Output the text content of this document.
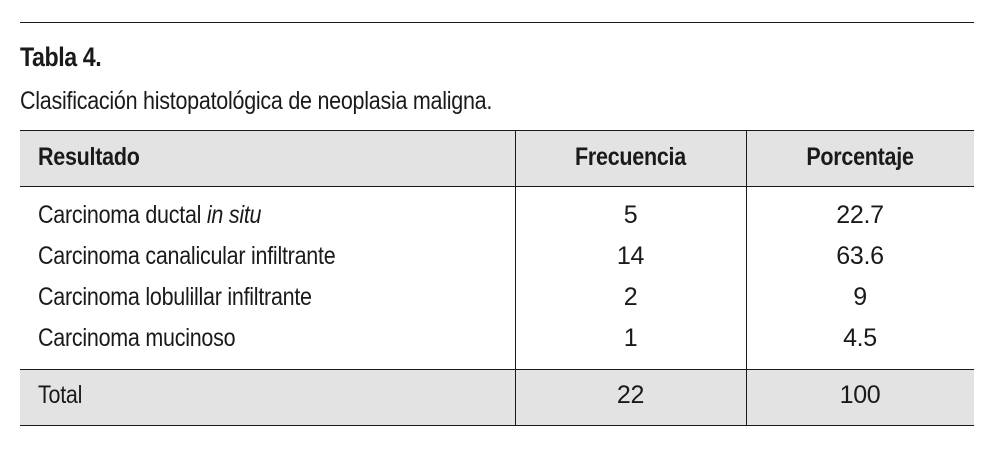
Tabla 4.
Clasificación histopatológica de neoplasia maligna.
Resultado	Frecuencia	Porcentaje
Carcinoma ductal in situ	5	22.7
Carcinoma canalicular infiltrante	14	63.6
Carcinoma lobulillar infiltrante	2	9
Carcinoma mucinoso	1	4.5
Total	22	100
